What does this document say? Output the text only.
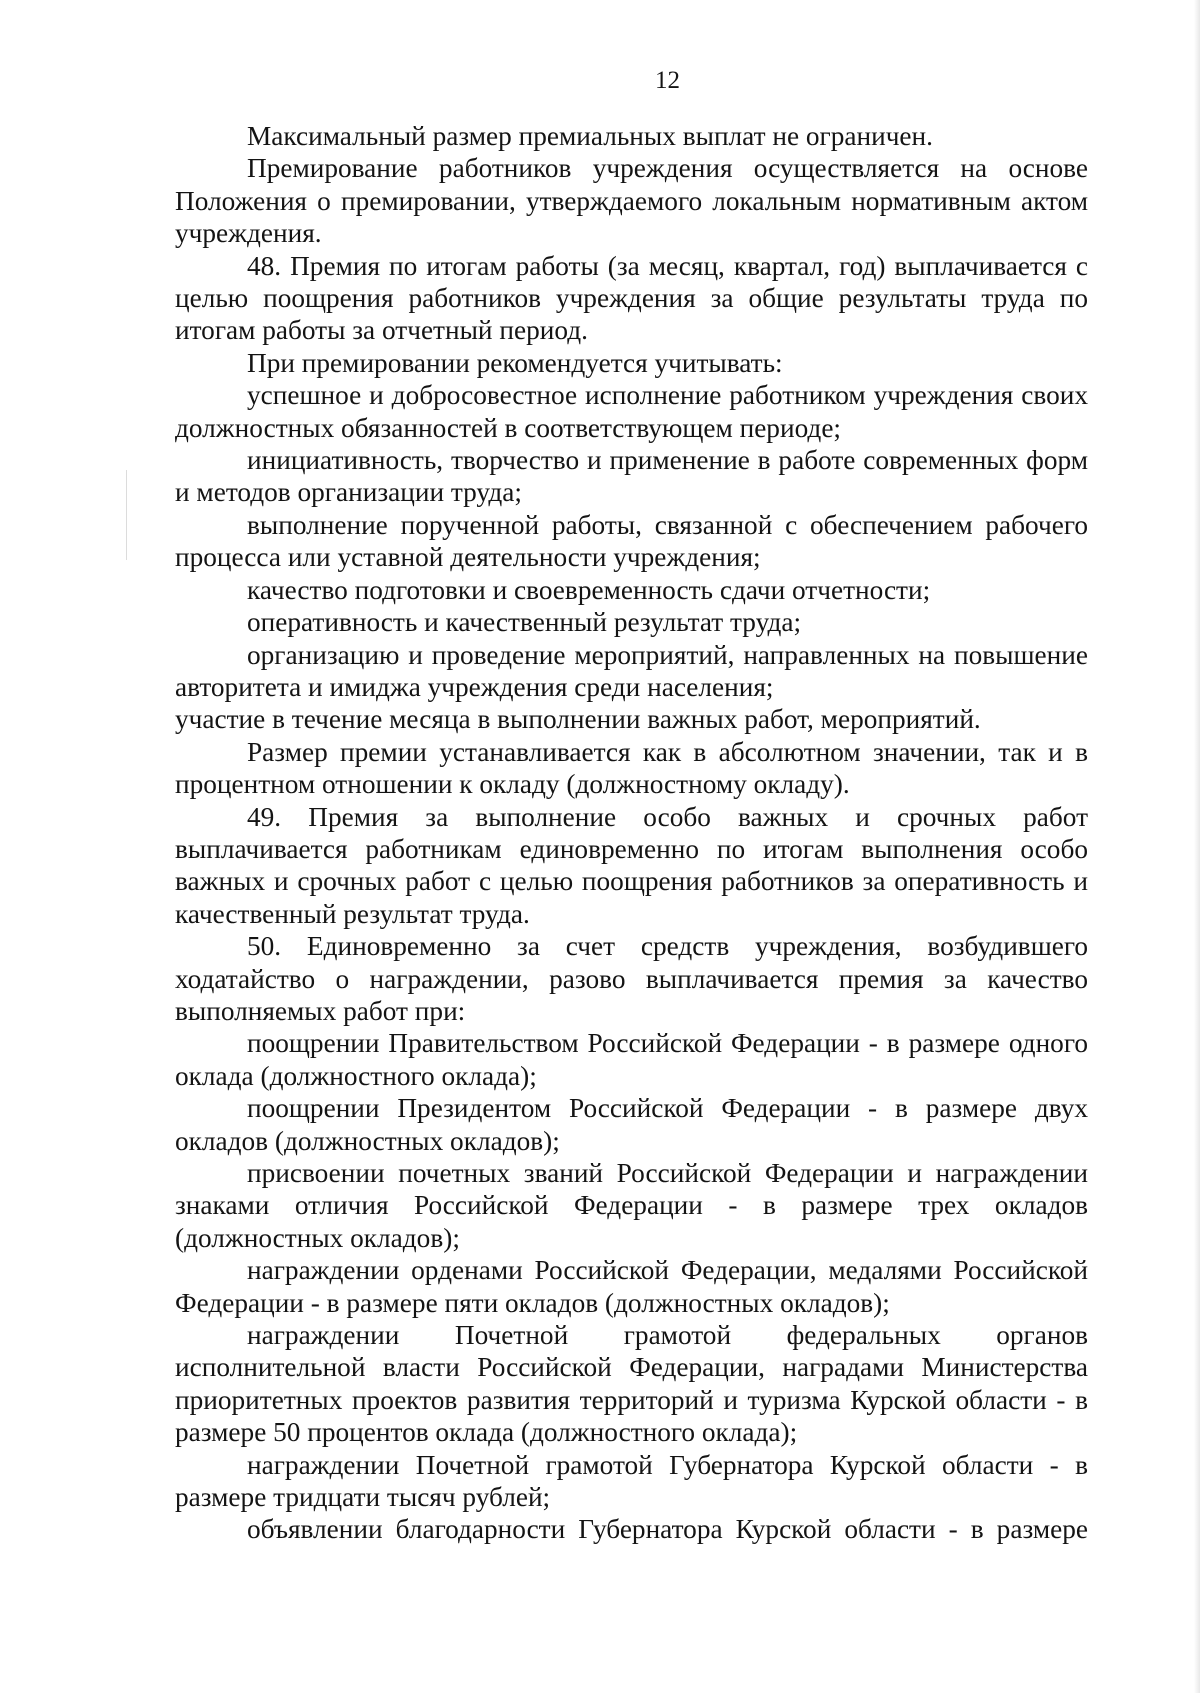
12

Максимальный размер премиальных выплат не ограничен.

Премирование работников учреждения осуществляется на основе Положения о премировании, утверждаемого локальным нормативным актом учреждения.

48. Премия по итогам работы (за месяц, квартал, год) выплачивается с целью поощрения работников учреждения за общие результаты труда по итогам работы за отчетный период.

При премировании рекомендуется учитывать:

успешное и добросовестное исполнение работником учреждения своих должностных обязанностей в соответствующем периоде;

инициативность, творчество и применение в работе современных форм и методов организации труда;

выполнение порученной работы, связанной с обеспечением рабочего процесса или уставной деятельности учреждения;

качество подготовки и своевременность сдачи отчетности;

оперативность и качественный результат труда;

организацию и проведение мероприятий, направленных на повышение авторитета и имиджа учреждения среди населения;

участие в течение месяца в выполнении важных работ, мероприятий.

Размер премии устанавливается как в абсолютном значении, так и в процентном отношении к окладу (должностному окладу).

49. Премия за выполнение особо важных и срочных работ выплачивается работникам единовременно по итогам выполнения особо важных и срочных работ с целью поощрения работников за оперативность и качественный результат труда.

50. Единовременно за счет средств учреждения, возбудившего ходатайство о награждении, разово выплачивается премия за качество выполняемых работ при:

поощрении Правительством Российской Федерации - в размере одного оклада (должностного оклада);

поощрении Президентом Российской Федерации - в размере двух окладов (должностных окладов);

присвоении почетных званий Российской Федерации и награждении знаками отличия Российской Федерации - в размере трех окладов (должностных окладов);

награждении орденами Российской Федерации, медалями Российской Федерации - в размере пяти окладов (должностных окладов);

награждении Почетной грамотой федеральных органов исполнительной власти Российской Федерации, наградами Министерства приоритетных проектов развития территорий и туризма Курской области - в размере 50 процентов оклада (должностного оклада);

награждении Почетной грамотой Губернатора Курской области - в размере тридцати тысяч рублей;

объявлении благодарности Губернатора Курской области - в размере
